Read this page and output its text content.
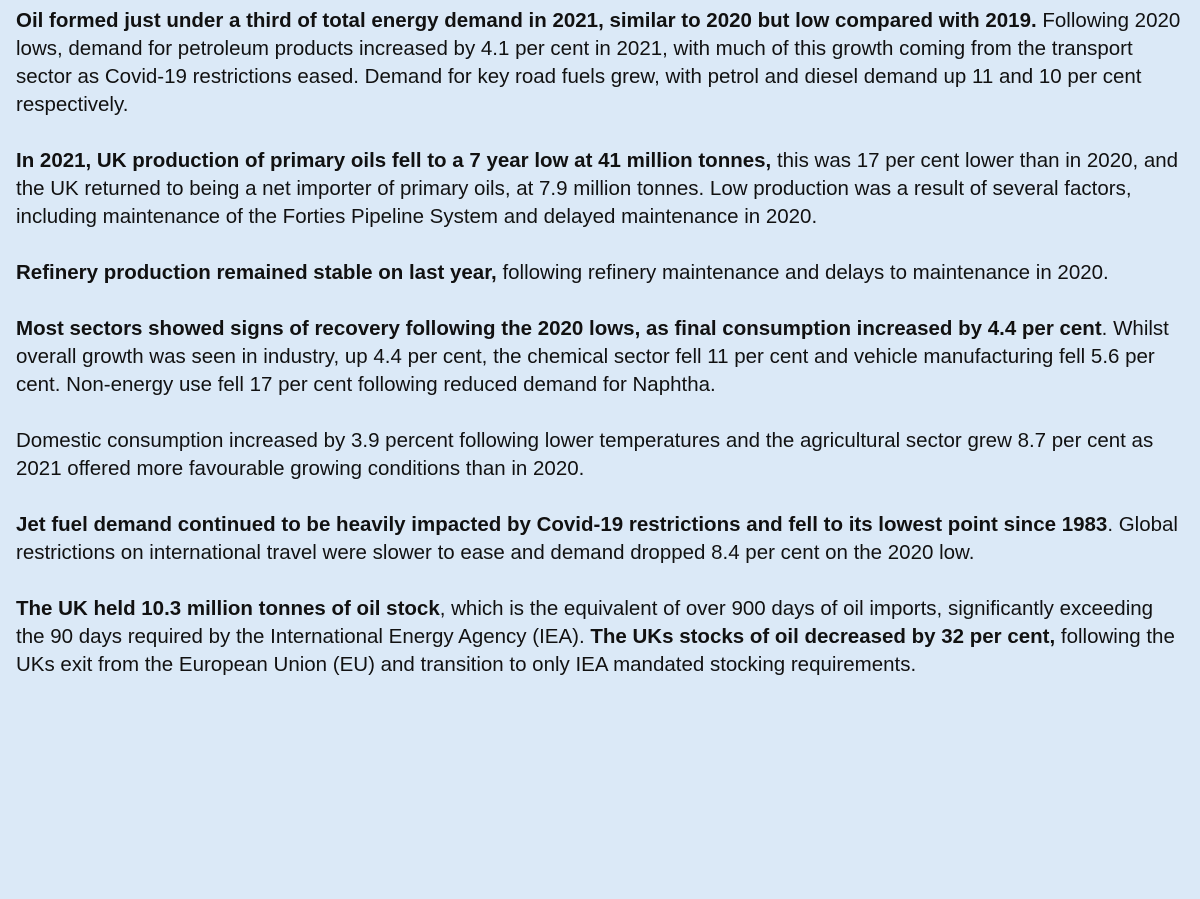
Oil formed just under a third of total energy demand in 2021, similar to 2020 but low compared with 2019. Following 2020 lows, demand for petroleum products increased by 4.1 per cent in 2021, with much of this growth coming from the transport sector as Covid-19 restrictions eased. Demand for key road fuels grew, with petrol and diesel demand up 11 and 10 per cent respectively.

In 2021, UK production of primary oils fell to a 7 year low at 41 million tonnes, this was 17 per cent lower than in 2020, and the UK returned to being a net importer of primary oils, at 7.9 million tonnes. Low production was a result of several factors, including maintenance of the Forties Pipeline System and delayed maintenance in 2020.

Refinery production remained stable on last year, following refinery maintenance and delays to maintenance in 2020.

Most sectors showed signs of recovery following the 2020 lows, as final consumption increased by 4.4 per cent. Whilst overall growth was seen in industry, up 4.4 per cent, the chemical sector fell 11 per cent and vehicle manufacturing fell 5.6 per cent. Non-energy use fell 17 per cent following reduced demand for Naphtha.

Domestic consumption increased by 3.9 percent following lower temperatures and the agricultural sector grew 8.7 per cent as 2021 offered more favourable growing conditions than in 2020.

Jet fuel demand continued to be heavily impacted by Covid-19 restrictions and fell to its lowest point since 1983. Global restrictions on international travel were slower to ease and demand dropped 8.4 per cent on the 2020 low.

The UK held 10.3 million tonnes of oil stock, which is the equivalent of over 900 days of oil imports, significantly exceeding the 90 days required by the International Energy Agency (IEA). The UKs stocks of oil decreased by 32 per cent, following the UKs exit from the European Union (EU) and transition to only IEA mandated stocking requirements.
